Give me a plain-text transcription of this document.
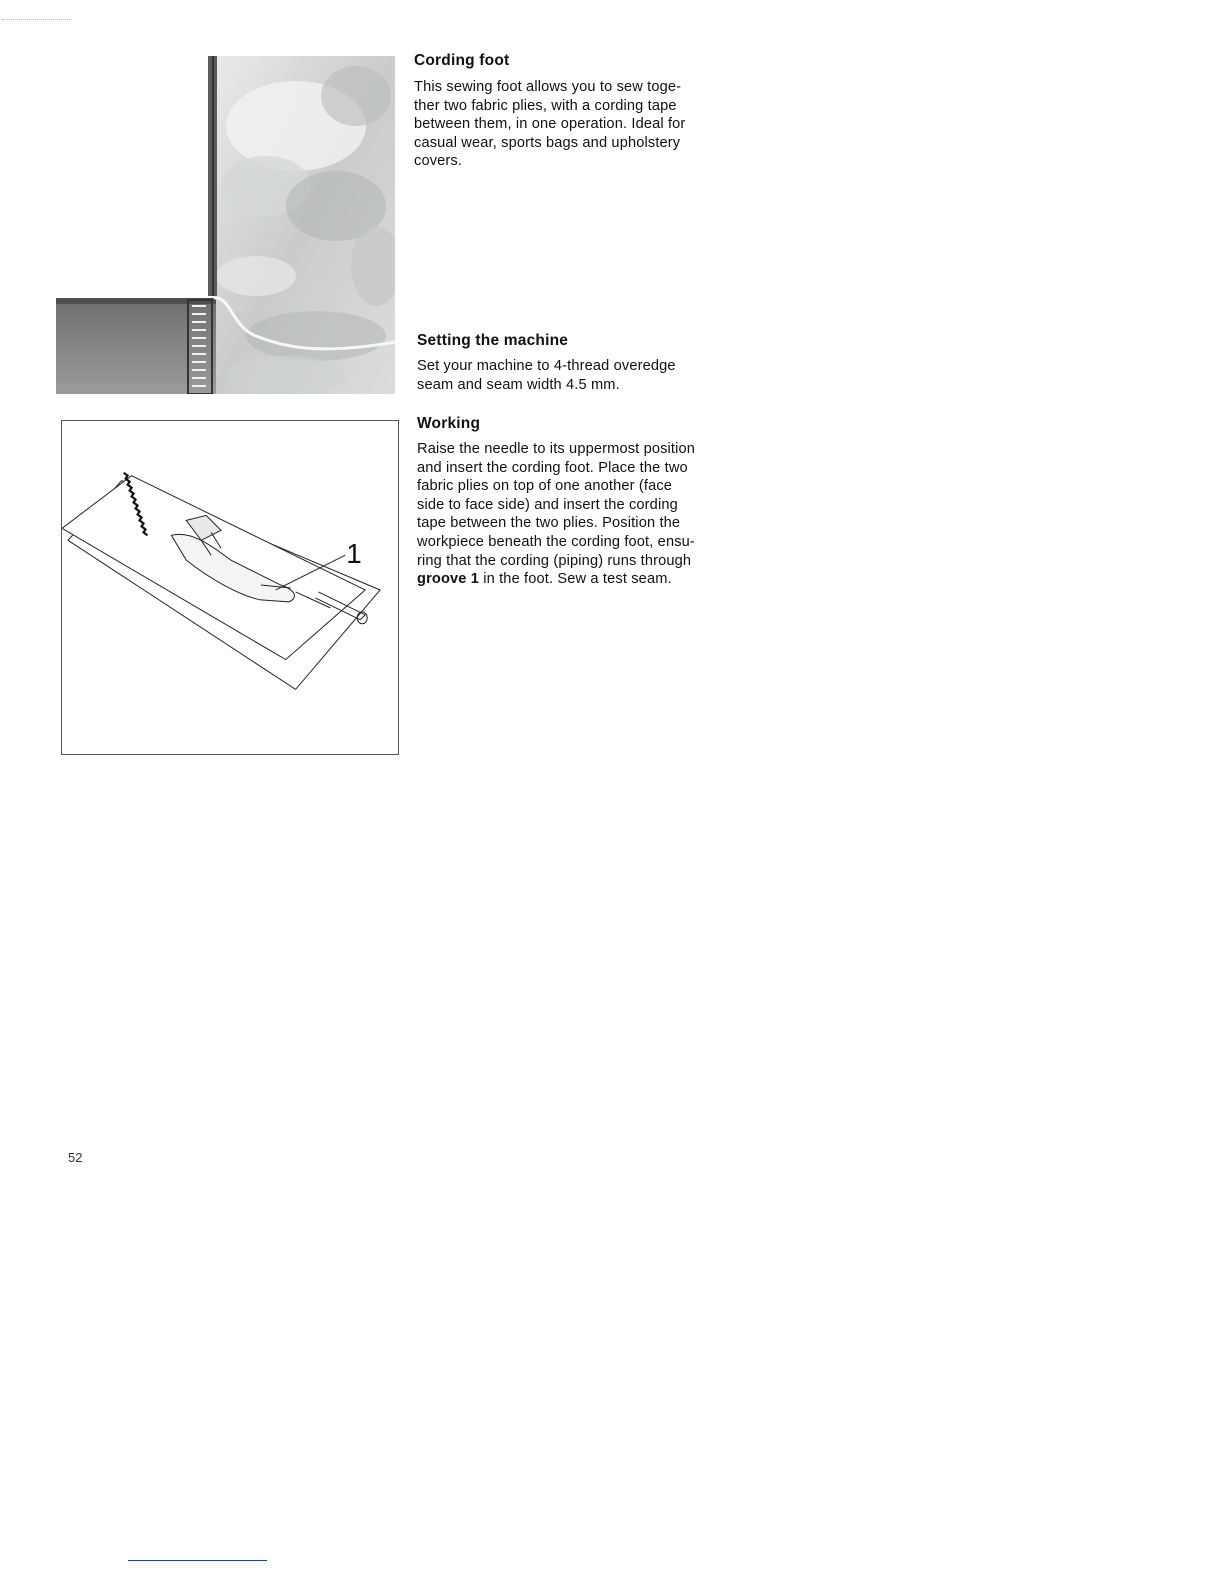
1
Cording foot

This sewing foot allows you to sew toge-
ther two fabric plies, with a cording tape
between them, in one operation. Ideal for
casual wear, sports bags and upholstery
covers.

Setting the machine

Set your machine to 4-thread overedge
seam and seam width 4.5 mm.

Working

Raise the needle to its uppermost position
and insert the cording foot. Place the two
fabric plies on top of one another (face
side to face side) and insert the cording
tape between the two plies. Position the
workpiece beneath the cording foot, ensu-
ring that the cording (piping) runs through
groove 1 in the foot. Sew a test seam.

52
